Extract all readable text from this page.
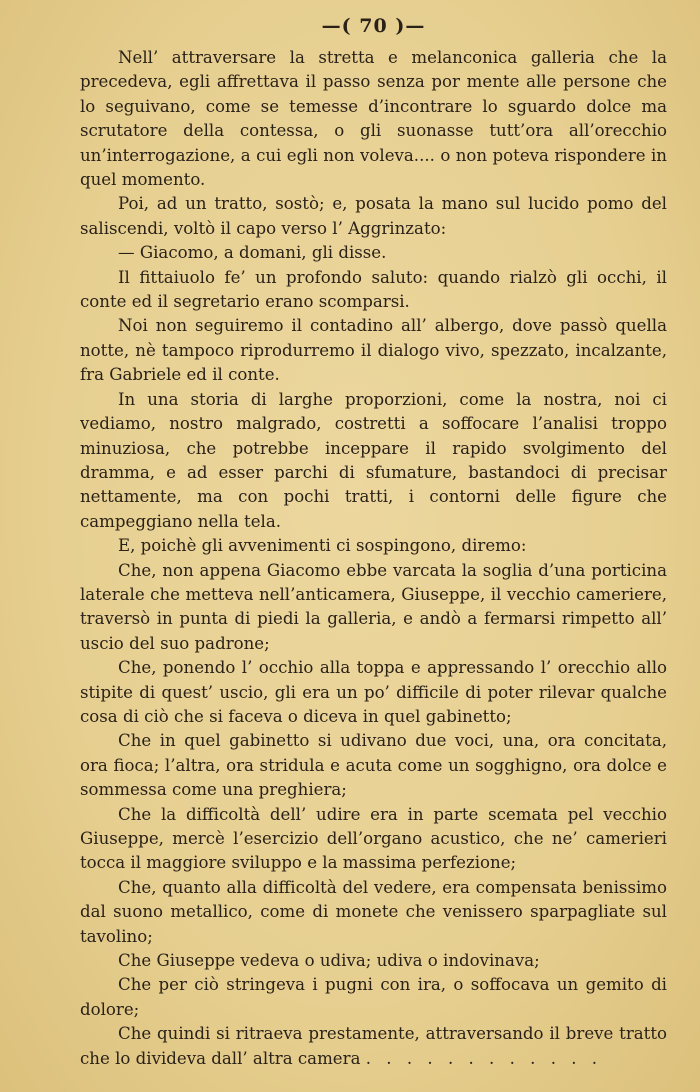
—( 70 )—

Nell’ attraversare la stretta e melanconica galleria che la precedeva, egli affrettava il passo senza por mente alle persone che lo seguivano, come se temesse d’incontrare lo sguardo dolce ma scrutatore della contessa, o gli suonasse tutt’ora all’orecchio un’interrogazione, a cui egli non voleva.... o non poteva rispondere in quel momento.

Poi, ad un tratto, sostò; e, posata la mano sul lucido pomo del saliscendi, voltò il capo verso l’ Aggrinzato:

— Giacomo, a domani, gli disse.

Il fittaiuolo fe’ un profondo saluto: quando rialzò gli occhi, il conte ed il segretario erano scomparsi.

Noi non seguiremo il contadino all’ albergo, dove passò quella notte, nè tampoco riprodurremo il dialogo vivo, spezzato, incalzante, fra Gabriele ed il conte.

In una storia di larghe proporzioni, come la nostra, noi ci vediamo, nostro malgrado, costretti a soffocare l’analisi troppo minuziosa, che potrebbe inceppare il rapido svolgimento del dramma, e ad esser parchi di sfumature, bastandoci di precisar nettamente, ma con pochi tratti, i contorni delle figure che campeggiano nella tela.

E, poichè gli avvenimenti ci sospingono, diremo:

Che, non appena Giacomo ebbe varcata la soglia d’una porticina laterale che metteva nell’anticamera, Giuseppe, il vecchio cameriere, traversò in punta di piedi la galleria, e andò a fermarsi rimpetto all’ uscio del suo padrone;

Che, ponendo l’ occhio alla toppa e appressando l’ orecchio allo stipite di quest’ uscio, gli era un po’ difficile di poter rilevar qualche cosa di ciò che si faceva o diceva in quel gabinetto;

Che in quel gabinetto si udivano due voci, una, ora concitata, ora fioca; l’altra, ora stridula e acuta come un sogghigno, ora dolce e sommessa come una preghiera;

Che la difficoltà dell’ udire era in parte scemata pel vecchio Giuseppe, mercè l’esercizio dell’organo acustico, che ne’ camerieri tocca il maggiore sviluppo e la massima perfezione;

Che, quanto alla difficoltà del vedere, era compensata benissimo dal suono metallico, come di monete che venissero sparpagliate sul tavolino;

Che Giuseppe vedeva o udiva; udiva o indovinava;

Che per ciò stringeva i pugni con ira, o soffocava un gemito di dolore;

Che quindi si ritraeva prestamente, attraversando il breve tratto che lo divideva dall’ altra camera . . . . . . . . . . . .
